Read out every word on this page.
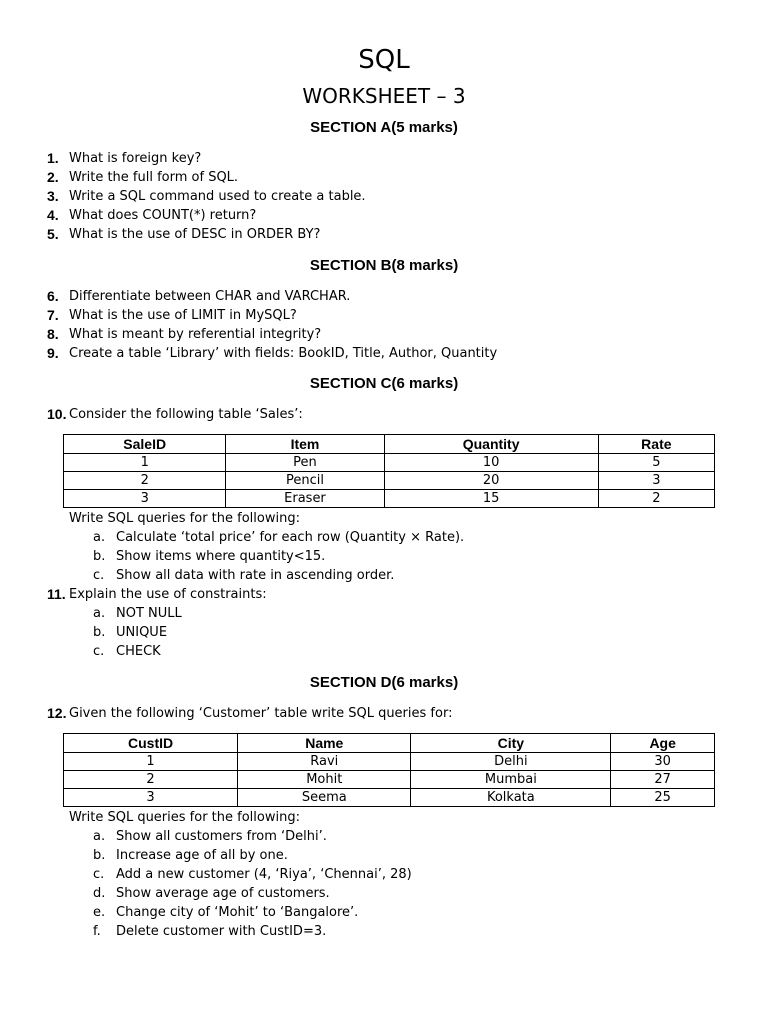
SQL
WORKSHEET – 3
SECTION A(5 marks)

1. What is foreign key?

2. Write the full form of SQL.

3. Write a SQL command used to create a table.

4. What does COUNT(*) return?

5. What is the use of DESC in ORDER BY?

SECTION B(8 marks)

6. Differentiate between CHAR and VARCHAR.

7. What is the use of LIMIT in MySQL?

8. What is meant by referential integrity?

9. Create a table ‘Library’ with fields: BookID, Title, Author, Quantity

SECTION C(6 marks)

10. Consider the following table ‘Sales’:

SaleID	Item	Quantity	Rate
1	Pen	10	5
2	Pencil	20	3
3	Eraser	15	2

Write SQL queries for the following:

a. Calculate ‘total price’ for each row (Quantity × Rate).

b. Show items where quantity<15.

c. Show all data with rate in ascending order.

11. Explain the use of constraints:

a. NOT NULL

b. UNIQUE

c. CHECK

SECTION D(6 marks)

12. Given the following ‘Customer’ table write SQL queries for:

CustID	Name	City	Age
1	Ravi	Delhi	30
2	Mohit	Mumbai	27
3	Seema	Kolkata	25

Write SQL queries for the following:

a. Show all customers from ‘Delhi’.

b. Increase age of all by one.

c. Add a new customer (4, ‘Riya’, ‘Chennai’, 28)

d. Show average age of customers.

e. Change city of ‘Mohit’ to ‘Bangalore’.

f. Delete customer with CustID=3.
